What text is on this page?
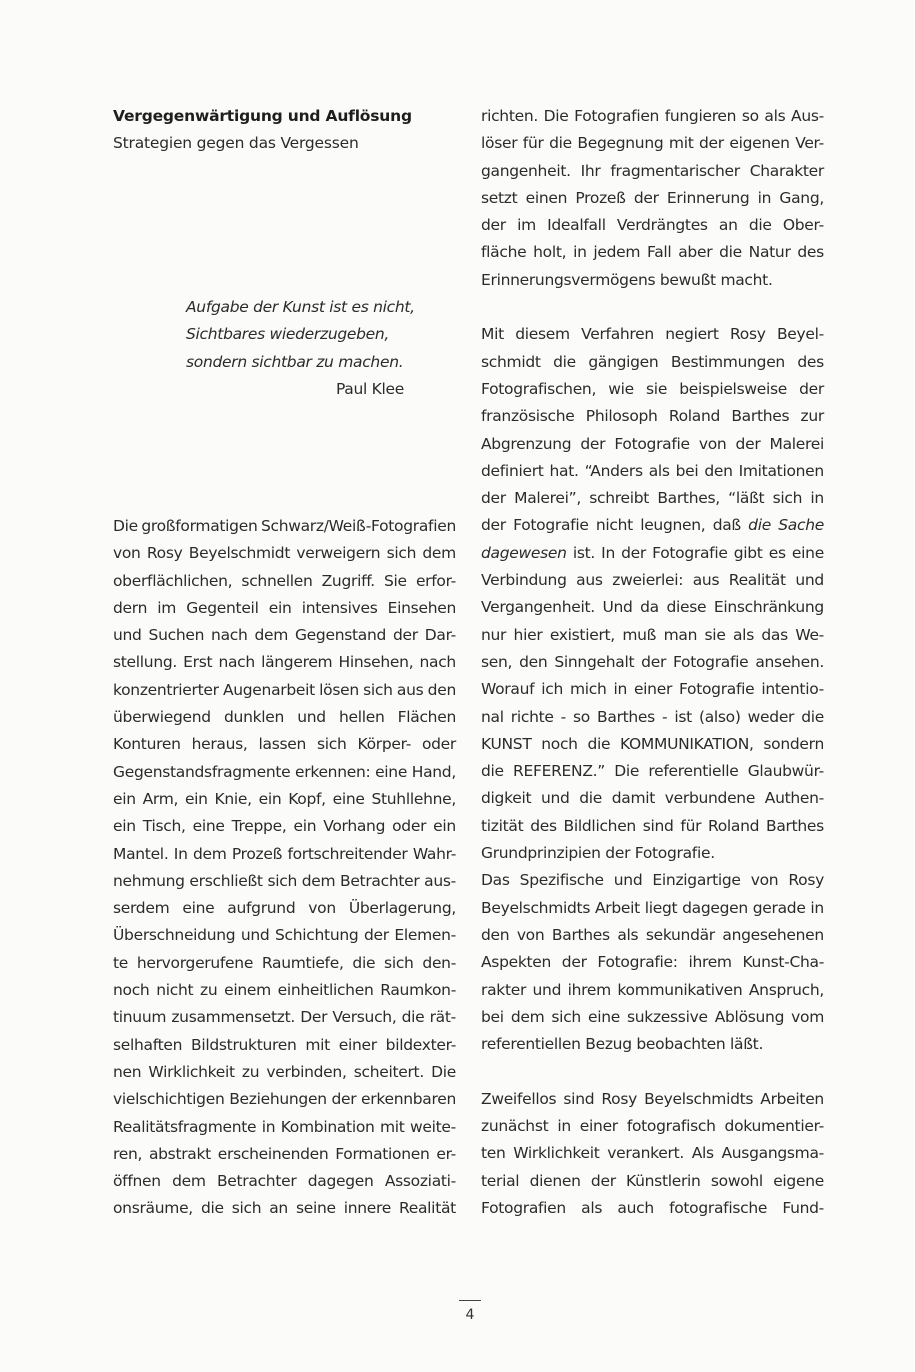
Vergegenwärtigung und Auflösung
Strategien gegen das Vergessen
Aufgabe der Kunst ist es nicht,
Sichtbares wiederzugeben,
sondern sichtbar zu machen.
Paul Klee
Die großformatigen Schwarz/Weiß-Fotografien
von Rosy Beyelschmidt verweigern sich dem
oberflächlichen, schnellen Zugriff. Sie erfor-
dern im Gegenteil ein intensives Einsehen
und Suchen nach dem Gegenstand der Dar-
stellung. Erst nach längerem Hinsehen, nach
konzentrierter Augenarbeit lösen sich aus den
überwiegend dunklen und hellen Flächen
Konturen heraus, lassen sich Körper- oder
Gegenstandsfragmente erkennen: eine Hand,
ein Arm, ein Knie, ein Kopf, eine Stuhllehne,
ein Tisch, eine Treppe, ein Vorhang oder ein
Mantel. In dem Prozeß fortschreitender Wahr-
nehmung erschließt sich dem Betrachter aus-
serdem eine aufgrund von Überlagerung,
Überschneidung und Schichtung der Elemen-
te hervorgerufene Raumtiefe, die sich den-
noch nicht zu einem einheitlichen Raumkon-
tinuum zusammensetzt. Der Versuch, die rät-
selhaften Bildstrukturen mit einer bildexter-
nen Wirklichkeit zu verbinden, scheitert. Die
vielschichtigen Beziehungen der erkennbaren
Realitätsfragmente in Kombination mit weite-
ren, abstrakt erscheinenden Formationen er-
öffnen dem Betrachter dagegen Assoziati-
onsräume, die sich an seine innere Realität
richten. Die Fotografien fungieren so als Aus-
löser für die Begegnung mit der eigenen Ver-
gangenheit. Ihr fragmentarischer Charakter
setzt einen Prozeß der Erinnerung in Gang,
der im Idealfall Verdrängtes an die Ober-
fläche holt, in jedem Fall aber die Natur des
Erinnerungsvermögens bewußt macht.
Mit diesem Verfahren negiert Rosy Beyel-
schmidt die gängigen Bestimmungen des
Fotografischen, wie sie beispielsweise der
französische Philosoph Roland Barthes zur
Abgrenzung der Fotografie von der Malerei
definiert hat. “Anders als bei den Imitationen
der Malerei”, schreibt Barthes, “läßt sich in
der Fotografie nicht leugnen, daß die Sache
dagewesen ist. In der Fotografie gibt es eine
Verbindung aus zweierlei: aus Realität und
Vergangenheit. Und da diese Einschränkung
nur hier existiert, muß man sie als das We-
sen, den Sinngehalt der Fotografie ansehen.
Worauf ich mich in einer Fotografie intentio-
nal richte - so Barthes - ist (also) weder die
KUNST noch die KOMMUNIKATION, sondern
die REFERENZ.” Die referentielle Glaubwür-
digkeit und die damit verbundene Authen-
tizität des Bildlichen sind für Roland Barthes
Grundprinzipien der Fotografie.
Das Spezifische und Einzigartige von Rosy
Beyelschmidts Arbeit liegt dagegen gerade in
den von Barthes als sekundär angesehenen
Aspekten der Fotografie: ihrem Kunst-Cha-
rakter und ihrem kommunikativen Anspruch,
bei dem sich eine sukzessive Ablösung vom
referentiellen Bezug beobachten läßt.
Zweifellos sind Rosy Beyelschmidts Arbeiten
zunächst in einer fotografisch dokumentier-
ten Wirklichkeit verankert. Als Ausgangsma-
terial dienen der Künstlerin sowohl eigene
Fotografien als auch fotografische Fund-
4
